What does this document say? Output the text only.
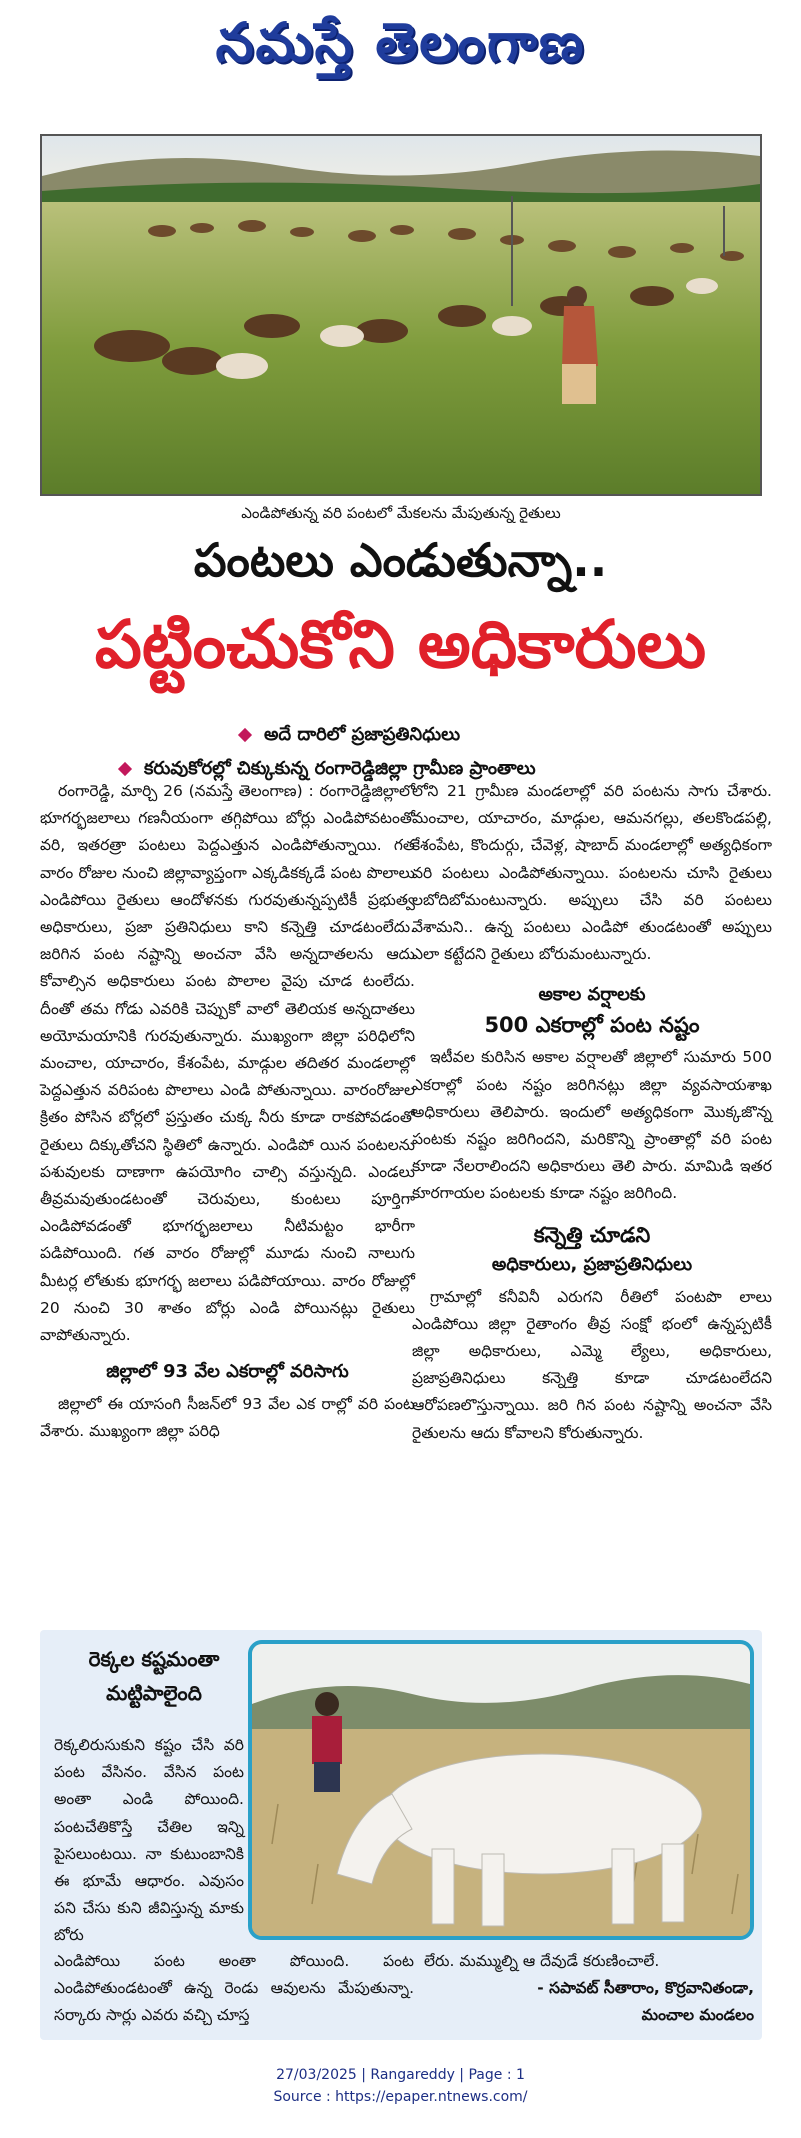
నమస్తే తెలంగాణ
ఎండిపోతున్న వరి పంటలో మేకలను మేపుతున్న రైతులు
పంటలు ఎండుతున్నా..
పట్టించుకోని అధికారులు
అదే దారిలో ప్రజాప్రతినిధులు
కరువుకోరల్లో చిక్కుకున్న రంగారెడ్డిజిల్లా గ్రామీణ ప్రాంతాలు

రంగారెడ్డి, మార్చి 26 (నమస్తే తెలంగాణ) : రంగారెడ్డిజిల్లాలో భూగర్భజలాలు గణనీయంగా తగ్గిపోయి బోర్లు ఎండిపోవటంతో వరి, ఇతరత్రా పంటలు పెద్దఎత్తున ఎండిపోతున్నాయి. గత వారం రోజుల నుంచి జిల్లావ్యాప్తంగా ఎక్కడికక్కడే పంట పొలాలు ఎండిపోయి రైతులు ఆందోళనకు గురవుతున్నప్పటికీ ప్రభుత్వ అధికారులు, ప్రజా ప్రతినిధులు కాని కన్నెత్తి చూడటంలేదు. జరిగిన పంట నష్టాన్ని అంచనా వేసి అన్నదాతలను ఆదు కోవాల్సిన అధికారులు పంట పొలాల వైపు చూడ టంలేదు. దీంతో తమ గోడు ఎవరికి చెప్పుకో వాలో తెలియక అన్నదాతలు అయోమయానికి గురవుతున్నారు. ముఖ్యంగా జిల్లా పరిధిలోని మంచాల, యాచారం, కేశంపేట, మాడ్గుల తదితర మండలాల్లో పెద్దఎత్తున వరిపంట పొలాలు ఎండి పోతున్నాయి. వారంరోజుల క్రితం పోసిన బోర్లలో ప్రస్తుతం చుక్క నీరు కూడా రాకపోవడంతో రైతులు దిక్కుతోచని స్థితిలో ఉన్నారు. ఎండిపో యిన పంటలను పశువులకు దాణాగా ఉపయోగిం చాల్సి వస్తున్నది. ఎండలు తీవ్రమవుతుండటంతో చెరువులు, కుంటలు పూర్తిగా ఎండిపోవడంతో భూగర్భజలాలు నీటిమట్టం భారీగా పడిపోయింది. గత వారం రోజుల్లో మూడు నుంచి నాలుగు మీటర్ల లోతుకు భూగర్భ జలాలు పడిపోయాయి. వారం రోజుల్లో 20 నుంచి 30 శాతం బోర్లు ఎండి పోయినట్లు రైతులు వాపోతున్నారు.

జిల్లాలో 93 వేల ఎకరాల్లో వరిసాగు

జిల్లాలో ఈ యాసంగి సీజన్‌లో 93 వేల ఎక రాల్లో వరి పంట వేశారు. ముఖ్యంగా జిల్లా పరిధి

లోని 21 గ్రామీణ మండలాల్లో వరి పంటను సాగు చేశారు. మంచాల, యాచారం, మాడ్గుల, ఆమనగల్లు, తలకొండపల్లి, కేశంపేట, కొందుర్గు, చేవెళ్ల, షాబాద్ మండలాల్లో అత్యధికంగా వరి పంటలు ఎండిపోతున్నాయి. పంటలను చూసి రైతులు లబోదిబోమంటున్నారు. అప్పులు చేసి వరి పంటలు వేశామని.. ఉన్న పంటలు ఎండిపో తుండటంతో అప్పులు ఎలా కట్టేదని రైతులు బోరుమంటున్నారు.

అకాల వర్షాలకు
500 ఎకరాల్లో పంట నష్టం

ఇటీవల కురిసిన అకాల వర్షాలతో జిల్లాలో సుమారు 500 ఎకరాల్లో పంట నష్టం జరిగినట్లు జిల్లా వ్యవసాయశాఖ అధికారులు తెలిపారు. ఇందులో అత్యధికంగా మొక్కజొన్న పంటకు నష్టం జరిగిందని, మరికొన్ని ప్రాంతాల్లో వరి పంట కూడా నేలరాలిందని అధికారులు తెలి పారు. మామిడి ఇతర కూరగాయల పంటలకు కూడా నష్టం జరిగింది.

కన్నెత్తి చూడని
అధికారులు, ప్రజాప్రతినిధులు

గ్రామాల్లో కనీవినీ ఎరుగని రీతిలో పంటపొ లాలు ఎండిపోయి జిల్లా రైతాంగం తీవ్ర సంక్షో భంలో ఉన్నప్పటికీ జిల్లా అధికారులు, ఎమ్మె ల్యేలు, అధికారులు, ప్రజాప్రతినిధులు కన్నెత్తి కూడా చూడటంలేదని ఆరోపణలొస్తున్నాయి. జరి గిన పంట నష్టాన్ని అంచనా వేసి రైతులను ఆదు కోవాలని కోరుతున్నారు.

రెక్కల కష్టమంతా మట్టిపాలైంది
రెక్కలిరుసుకుని కష్టం చేసి వరి పంట వేసినం. వేసిన పంట అంతా ఎండి పోయింది. పంటచేతికొస్తే చేతిల ఇన్ని పైసలుంటయి. నా కుటుంబానికి ఈ భూమే ఆధారం. ఎవుసం పని చేసు కుని జీవిస్తున్న మాకు బోరు
ఎండిపోయి పంట అంతా పోయింది. పంట ఎండిపోతుండటంతో ఉన్న రెండు ఆవులను మేపుతున్నా. సర్కారు సార్లు ఎవరు వచ్చి చూస్త
లేరు. మమ్ముల్ని ఆ దేవుడే కరుణించాలే.
- సపావట్ సీతారాం, కొర్రవానితండా,
మంచాల మండలం
27/03/2025 | Rangareddy | Page : 1
Source : https://epaper.ntnews.com/
